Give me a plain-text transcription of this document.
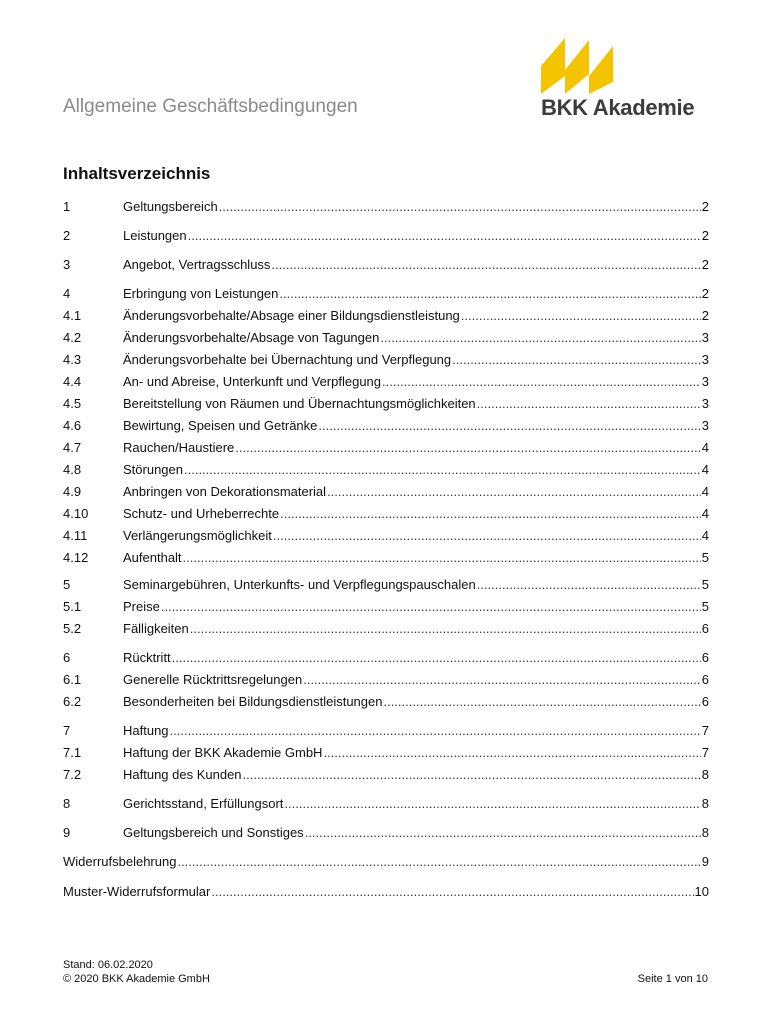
Allgemeine Geschäftsbedingungen	BKK Akademie
Inhaltsverzeichnis
1	Geltungsbereich .....	2
2	Leistungen .....	2
3	Angebot, Vertragsschluss .....	2
4	Erbringung von Leistungen .....	2
4.1	Änderungsvorbehalte/Absage einer Bildungsdienstleistung .....	2
4.2	Änderungsvorbehalte/Absage von Tagungen .....	3
4.3	Änderungsvorbehalte bei Übernachtung und Verpflegung .....	3
4.4	An- und Abreise, Unterkunft und Verpflegung .....	3
4.5	Bereitstellung von Räumen und Übernachtungsmöglichkeiten .....	3
4.6	Bewirtung, Speisen und Getränke .....	3
4.7	Rauchen/Haustiere .....	4
4.8	Störungen .....	4
4.9	Anbringen von Dekorationsmaterial .....	4
4.10	Schutz- und Urheberrechte .....	4
4.11	Verlängerungsmöglichkeit .....	4
4.12	Aufenthalt .....	5
5	Seminargebühren, Unterkunfts- und Verpflegungspauschalen .....	5
5.1	Preise .....	5
5.2	Fälligkeiten .....	6
6	Rücktritt .....	6
6.1	Generelle Rücktrittsregelungen .....	6
6.2	Besonderheiten bei Bildungsdienstleistungen .....	6
7	Haftung .....	7
7.1	Haftung der BKK Akademie GmbH .....	7
7.2	Haftung des Kunden .....	8
8	Gerichtsstand, Erfüllungsort .....	8
9	Geltungsbereich und Sonstiges .....	8
Widerrufsbelehrung .....	9
Muster-Widerrufsformular .....	10
Stand: 06.02.2020
© 2020 BKK Akademie GmbH	Seite 1 von 10
